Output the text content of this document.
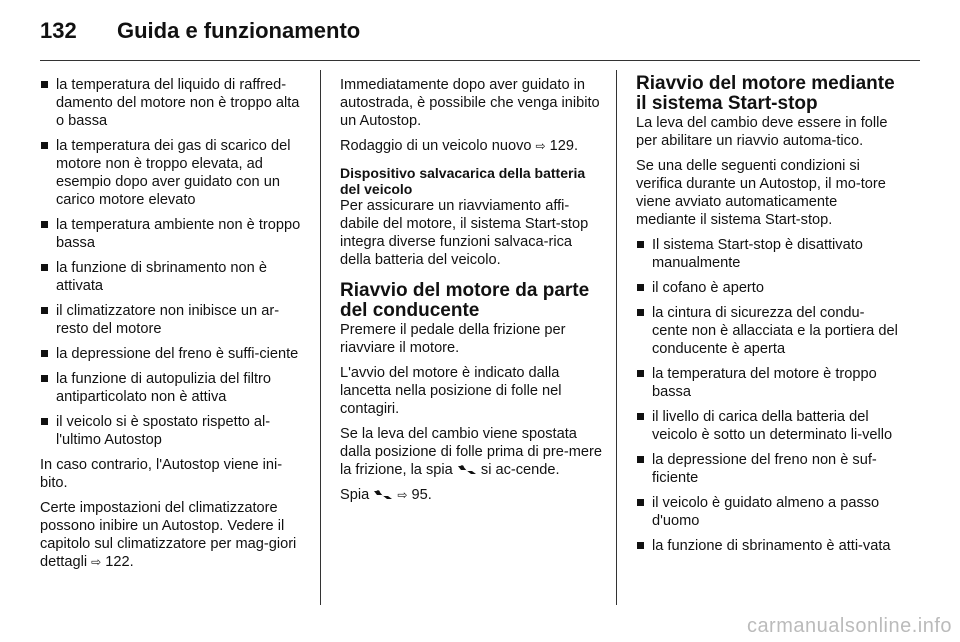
132 Guida e funzionamento
la temperatura del liquido di raffred-damento del motore non è troppo alta o bassa
la temperatura dei gas di scarico del motore non è troppo elevata, ad esempio dopo aver guidato con un carico motore elevato
la temperatura ambiente non è troppo bassa
la funzione di sbrinamento non è attivata
il climatizzatore non inibisce un ar-resto del motore
la depressione del freno è suffi-ciente
la funzione di autopulizia del filtro antiparticolato non è attiva
il veicolo si è spostato rispetto al-l'ultimo Autostop

In caso contrario, l'Autostop viene ini-bito.

Certe impostazioni del climatizzatore possono inibire un Autostop. Vedere il capitolo sul climatizzatore per mag-giori dettagli ⇨ 122.

Immediatamente dopo aver guidato in autostrada, è possibile che venga inibito un Autostop.

Rodaggio di un veicolo nuovo ⇨ 129.

Dispositivo salvacarica della batteria del veicolo

Per assicurare un riavviamento affi-dabile del motore, il sistema Start-stop integra diverse funzioni salvaca-rica della batteria del veicolo.

Riavvio del motore da parte del conducente

Premere il pedale della frizione per riavviare il motore.

L'avvio del motore è indicato dalla lancetta nella posizione di folle nel contagiri.

Se la leva del cambio viene spostata dalla posizione di folle prima di pre-mere la frizione, la spia si ac-cende.

Spia ⇨ 95.

Riavvio del motore mediante il sistema Start-stop

La leva del cambio deve essere in folle per abilitare un riavvio automa-tico.

Se una delle seguenti condizioni si verifica durante un Autostop, il mo-tore viene avviato automaticamente mediante il sistema Start-stop.

Il sistema Start-stop è disattivato manualmente
il cofano è aperto
la cintura di sicurezza del condu-cente non è allacciata e la portiera del conducente è aperta
la temperatura del motore è troppo bassa
il livello di carica della batteria del veicolo è sotto un determinato li-vello
la depressione del freno non è suf-ficiente
il veicolo è guidato almeno a passo d'uomo
la funzione di sbrinamento è atti-vata
carmanualsonline.info
